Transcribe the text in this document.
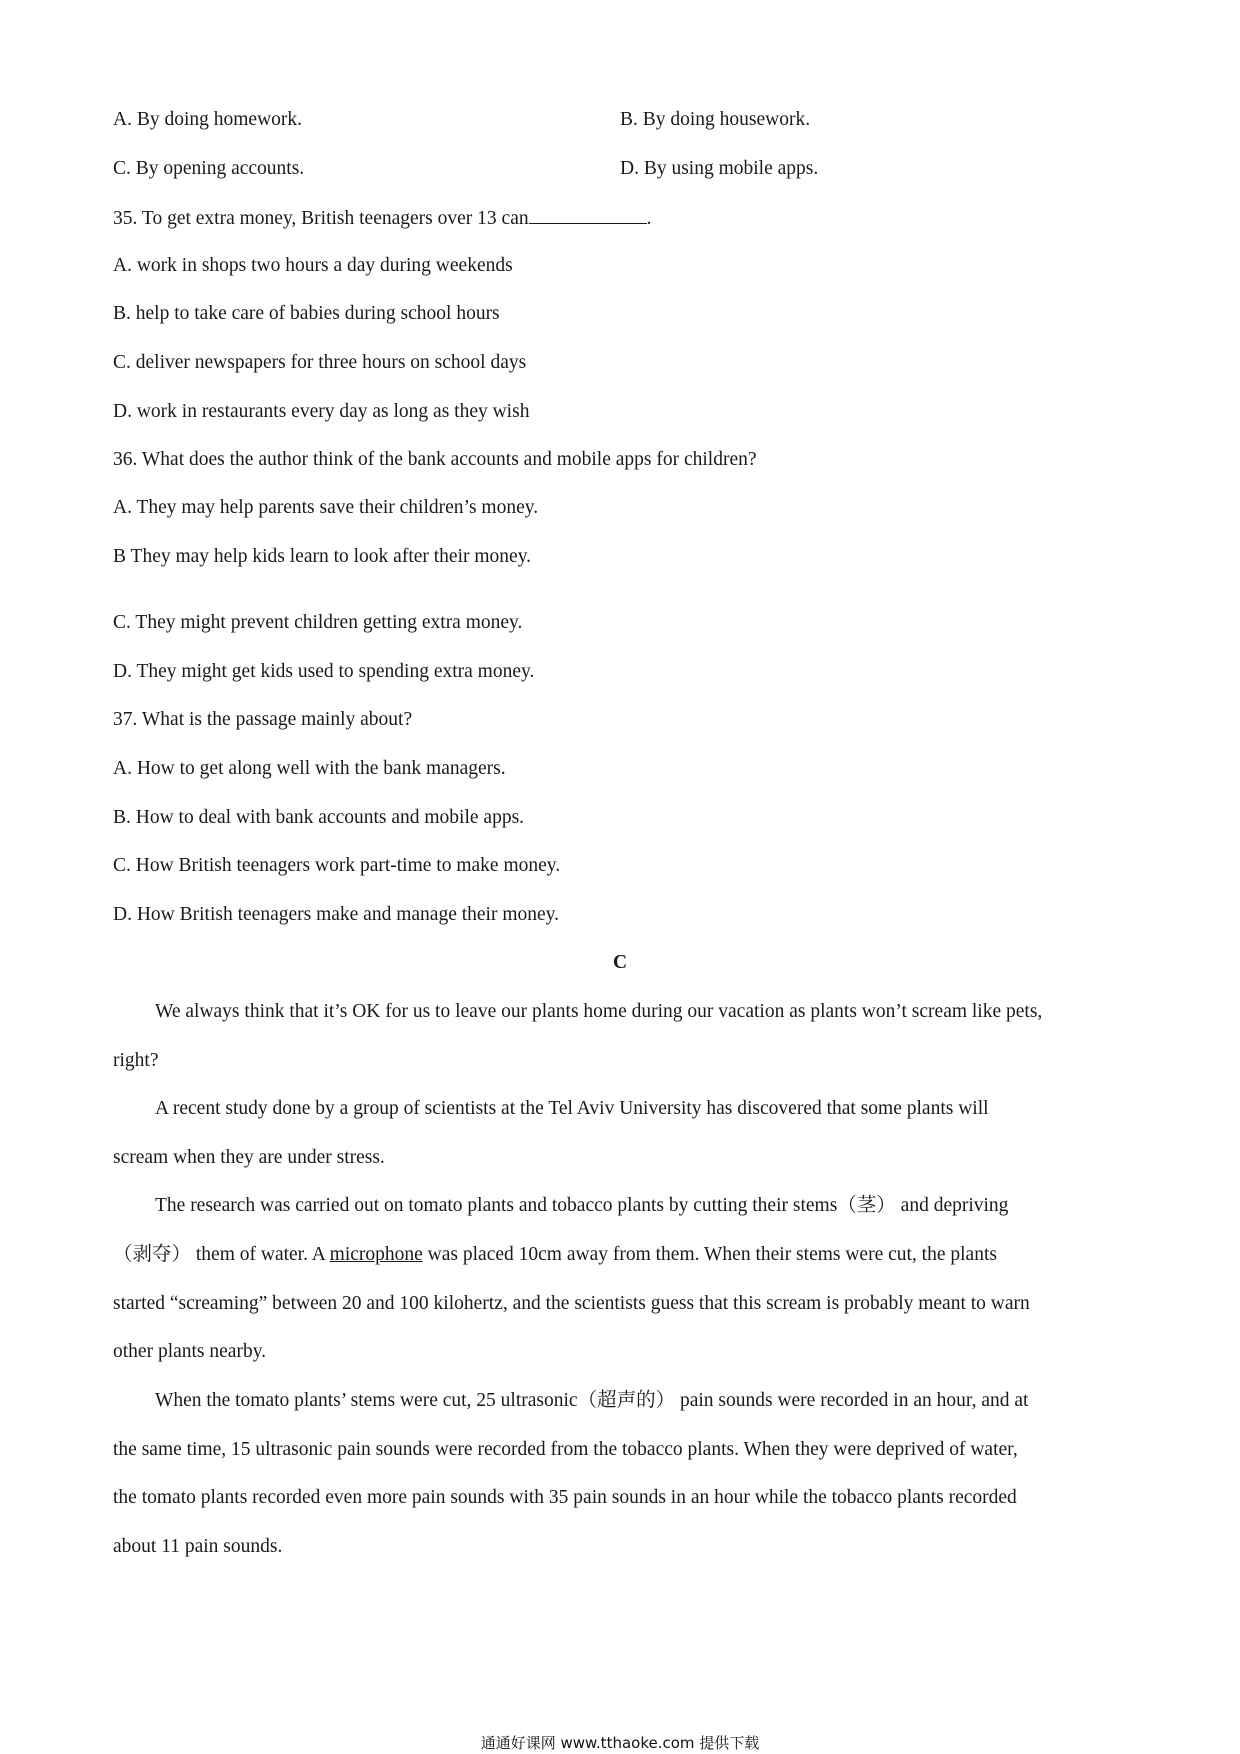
A. By doing homework.	B. By doing housework.
C. By opening accounts.	D. By using mobile apps.
35. To get extra money, British teenagers over 13 can	.
A. work in shops two hours a day during weekends
B. help to take care of babies during school hours
C. deliver newspapers for three hours on school days
D. work in restaurants every day as long as they wish
36. What does the author think of the bank accounts and mobile apps for children?
A. They may help parents save their children’s money.
B They may help kids learn to look after their money.
C. They might prevent children getting extra money.
D. They might get kids used to spending extra money.
37. What is the passage mainly about?
A. How to get along well with the bank managers.
B. How to deal with bank accounts and mobile apps.
C. How British teenagers work part-time to make money.
D. How British teenagers make and manage their money.
C
We always think that it’s OK for us to leave our plants home during our vacation as plants won’t scream like pets,
right?
A recent study done by a group of scientists at the Tel Aviv University has discovered that some plants will
scream when they are under stress.
The research was carried out on tomato plants and tobacco plants by cutting their stems（茎） and depriving
（剥夺） them of water. A microphone was placed 10cm away from them. When their stems were cut, the plants
started “screaming” between 20 and 100 kilohertz, and the scientists guess that this scream is probably meant to warn
other plants nearby.
When the tomato plants’ stems were cut, 25 ultrasonic（超声的） pain sounds were recorded in an hour, and at
the same time, 15 ultrasonic pain sounds were recorded from the tobacco plants. When they were deprived of water,
the tomato plants recorded even more pain sounds with 35 pain sounds in an hour while the tobacco plants recorded
about 11 pain sounds.
通通好课网 www.tthaoke.com 提供下载
